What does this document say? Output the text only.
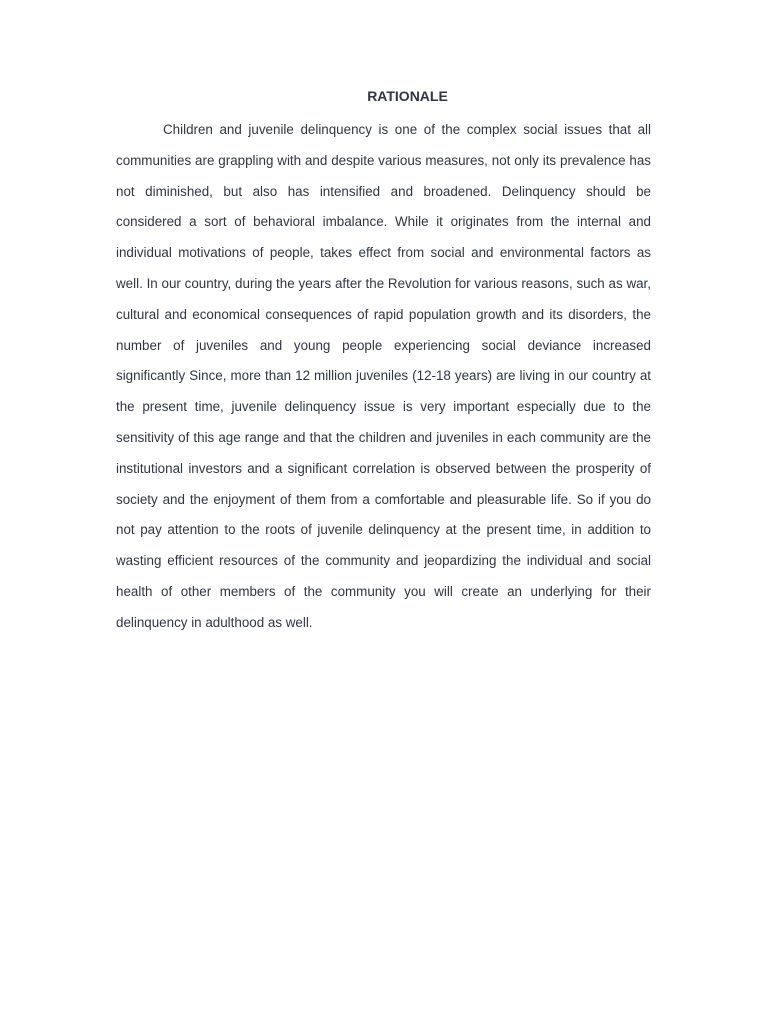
RATIONALE

Children and juvenile delinquency is one of the complex social issues that all communities are grappling with and despite various measures, not only its prevalence has not diminished, but also has intensified and broadened. Delinquency should be considered a sort of behavioral imbalance. While it originates from the internal and individual motivations of people, takes effect from social and environmental factors as well. In our country, during the years after the Revolution for various reasons, such as war, cultural and economical consequences of rapid population growth and its disorders, the number of juveniles and young people experiencing social deviance increased significantly Since, more than 12 million juveniles (12-18 years) are living in our country at the present time, juvenile delinquency issue is very important especially due to the sensitivity of this age range and that the children and juveniles in each community are the institutional investors and a significant correlation is observed between the prosperity of society and the enjoyment of them from a comfortable and pleasurable life. So if you do not pay attention to the roots of juvenile delinquency at the present time, in addition to wasting efficient resources of the community and jeopardizing the individual and social health of other members of the community you will create an underlying for their delinquency in adulthood as well.
